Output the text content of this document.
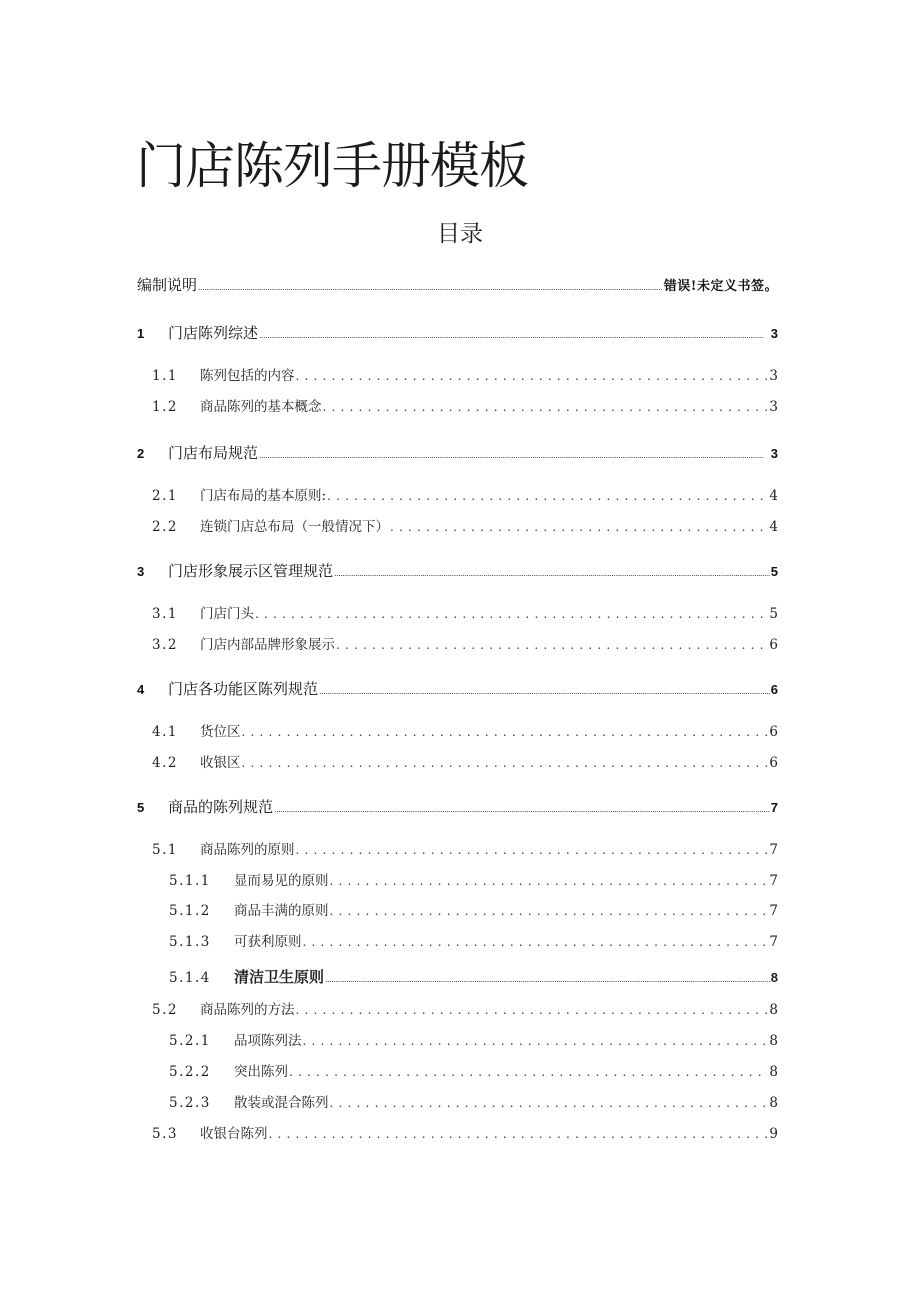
门店陈列手册模板
目录
编制说明 .....	错误!未定义书签。
1	门店陈列综述 .....	3
1.1	陈列包括的内容 .....	3
1.2	商品陈列的基本概念 .....	3
2	门店布局规范 .....	3
2.1	门店布局的基本原则: .....	4
2.2	连锁门店总布局（一般情况下） .....	4
3	门店形象展示区管理规范 .....	5
3.1	门店门头 .....	5
3.2	门店内部品牌形象展示 .....	6
4	门店各功能区陈列规范 .....	6
4.1	货位区 .....	6
4.2	收银区 .....	6
5	商品的陈列规范 .....	7
5.1	商品陈列的原则 .....	7
5.1.1	显而易见的原则 .....	7
5.1.2	商品丰满的原则 .....	7
5.1.3	可获利原则 .....	7
5.1.4	清洁卫生原则 .....	8
5.2	商品陈列的方法 .....	8
5.2.1	品项陈列法 .....	8
5.2.2	突出陈列 .....	8
5.2.3	散装或混合陈列 .....	8
5.3	收银台陈列 .....	9
